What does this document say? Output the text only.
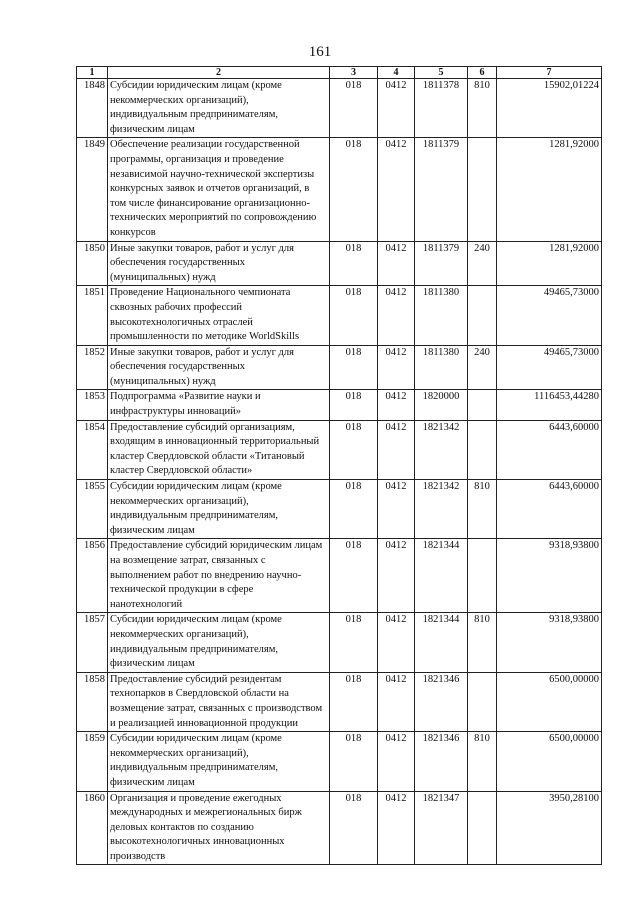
161
1	2	3	4	5	6	7
1848	Субсидии юридическим лицам (кроме некоммерческих организаций), индивидуальным предпринимателям, физическим лицам	018	0412	1811378	810	15902,01224
1849	Обеспечение реализации государственной программы, организация и проведение независимой научно-технической экспертизы конкурсных заявок и отчетов организаций, в том числе финансирование организационно-технических мероприятий по сопровождению конкурсов	018	0412	1811379		1281,92000
1850	Иные закупки товаров, работ и услуг для обеспечения государственных (муниципальных) нужд	018	0412	1811379	240	1281,92000
1851	Проведение Национального чемпионата сквозных рабочих профессий высокотехнологичных отраслей промышленности по методике WorldSkills	018	0412	1811380		49465,73000
1852	Иные закупки товаров, работ и услуг для обеспечения государственных (муниципальных) нужд	018	0412	1811380	240	49465,73000
1853	Подпрограмма «Развитие науки и инфраструктуры инноваций»	018	0412	1820000		1116453,44280
1854	Предоставление субсидий организациям, входящим в инновационный территориальный кластер Свердловской области «Титановый кластер Свердловской области»	018	0412	1821342		6443,60000
1855	Субсидии юридическим лицам (кроме некоммерческих организаций), индивидуальным предпринимателям, физическим лицам	018	0412	1821342	810	6443,60000
1856	Предоставление субсидий юридическим лицам на возмещение затрат, связанных с выполнением работ по внедрению научно-технической продукции в сфере нанотехнологий	018	0412	1821344		9318,93800
1857	Субсидии юридическим лицам (кроме некоммерческих организаций), индивидуальным предпринимателям, физическим лицам	018	0412	1821344	810	9318,93800
1858	Предоставление субсидий резидентам технопарков в Свердловской области на возмещение затрат, связанных с производством и реализацией инновационной продукции	018	0412	1821346		6500,00000
1859	Субсидии юридическим лицам (кроме некоммерческих организаций), индивидуальным предпринимателям, физическим лицам	018	0412	1821346	810	6500,00000
1860	Организация и проведение ежегодных международных и межрегиональных бирж деловых контактов по созданию высокотехнологичных инновационных производств	018	0412	1821347		3950,28100
